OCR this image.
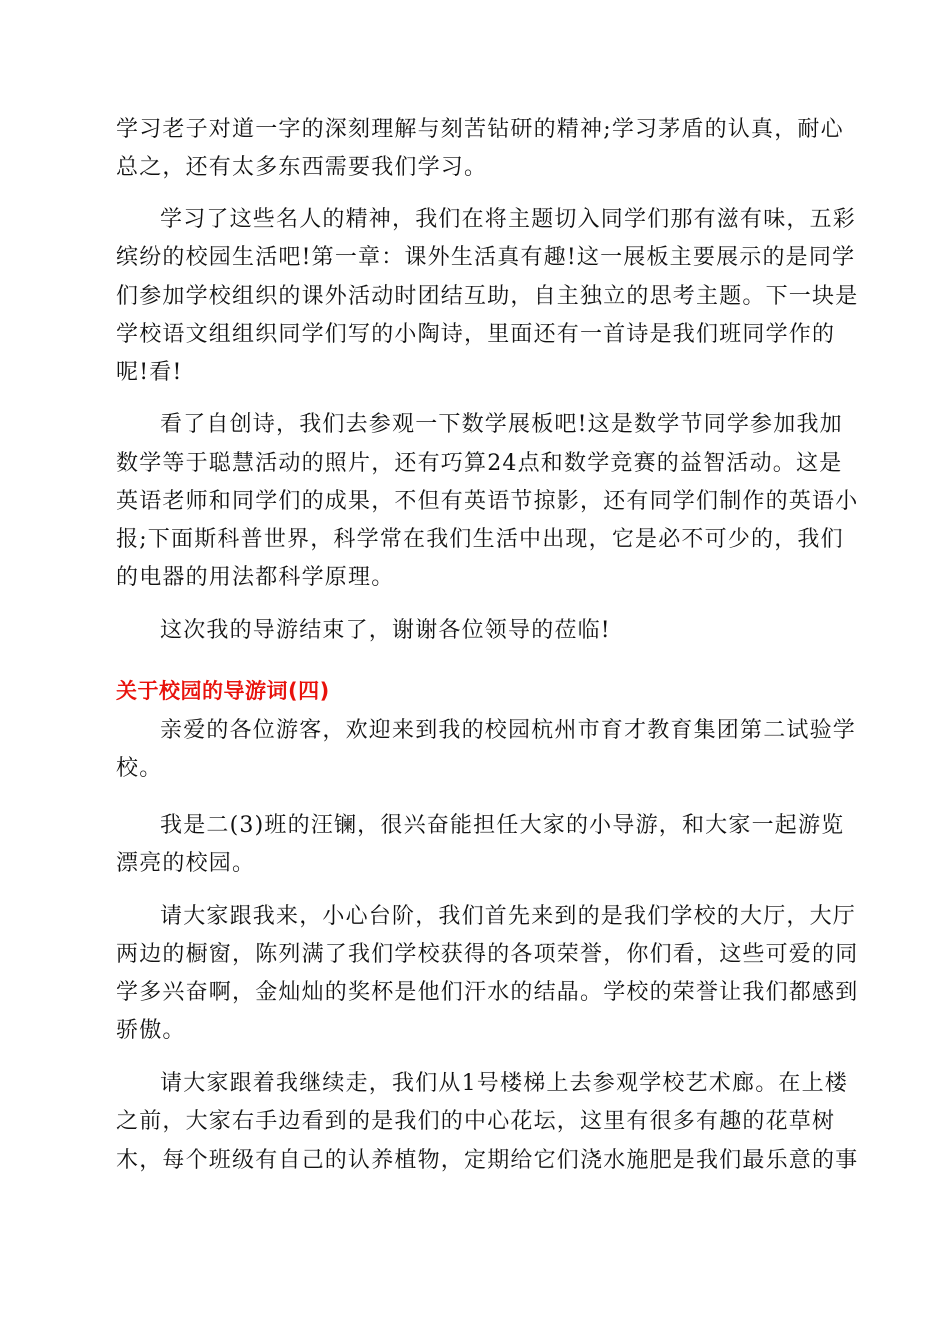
学习老子对道一字的深刻理解与刻苦钻研的精神;学习茅盾的认真，耐心
总之，还有太多东西需要我们学习。
学习了这些名人的精神，我们在将主题切入同学们那有滋有味，五彩
缤纷的校园生活吧!第一章：课外生活真有趣!这一展板主要展示的是同学
们参加学校组织的课外活动时团结互助，自主独立的思考主题。下一块是
学校语文组组织同学们写的小陶诗，里面还有一首诗是我们班同学作的
呢!看!
看了自创诗，我们去参观一下数学展板吧!这是数学节同学参加我加
数学等于聪慧活动的照片，还有巧算24点和数学竞赛的益智活动。这是
英语老师和同学们的成果，不但有英语节掠影，还有同学们制作的英语小
报;下面斯科普世界，科学常在我们生活中出现，它是必不可少的，我们
的电器的用法都科学原理。
这次我的导游结束了，谢谢各位领导的莅临!
关于校园的导游词(四)
亲爱的各位游客，欢迎来到我的校园杭州市育才教育集团第二试验学
校。
我是二(3)班的汪镧，很兴奋能担任大家的小导游，和大家一起游览
漂亮的校园。
请大家跟我来，小心台阶，我们首先来到的是我们学校的大厅，大厅
两边的橱窗，陈列满了我们学校获得的各项荣誉，你们看，这些可爱的同
学多兴奋啊，金灿灿的奖杯是他们汗水的结晶。学校的荣誉让我们都感到
骄傲。
请大家跟着我继续走，我们从1号楼梯上去参观学校艺术廊。在上楼
之前，大家右手边看到的是我们的中心花坛，这里有很多有趣的花草树
木，每个班级有自己的认养植物，定期给它们浇水施肥是我们最乐意的事
